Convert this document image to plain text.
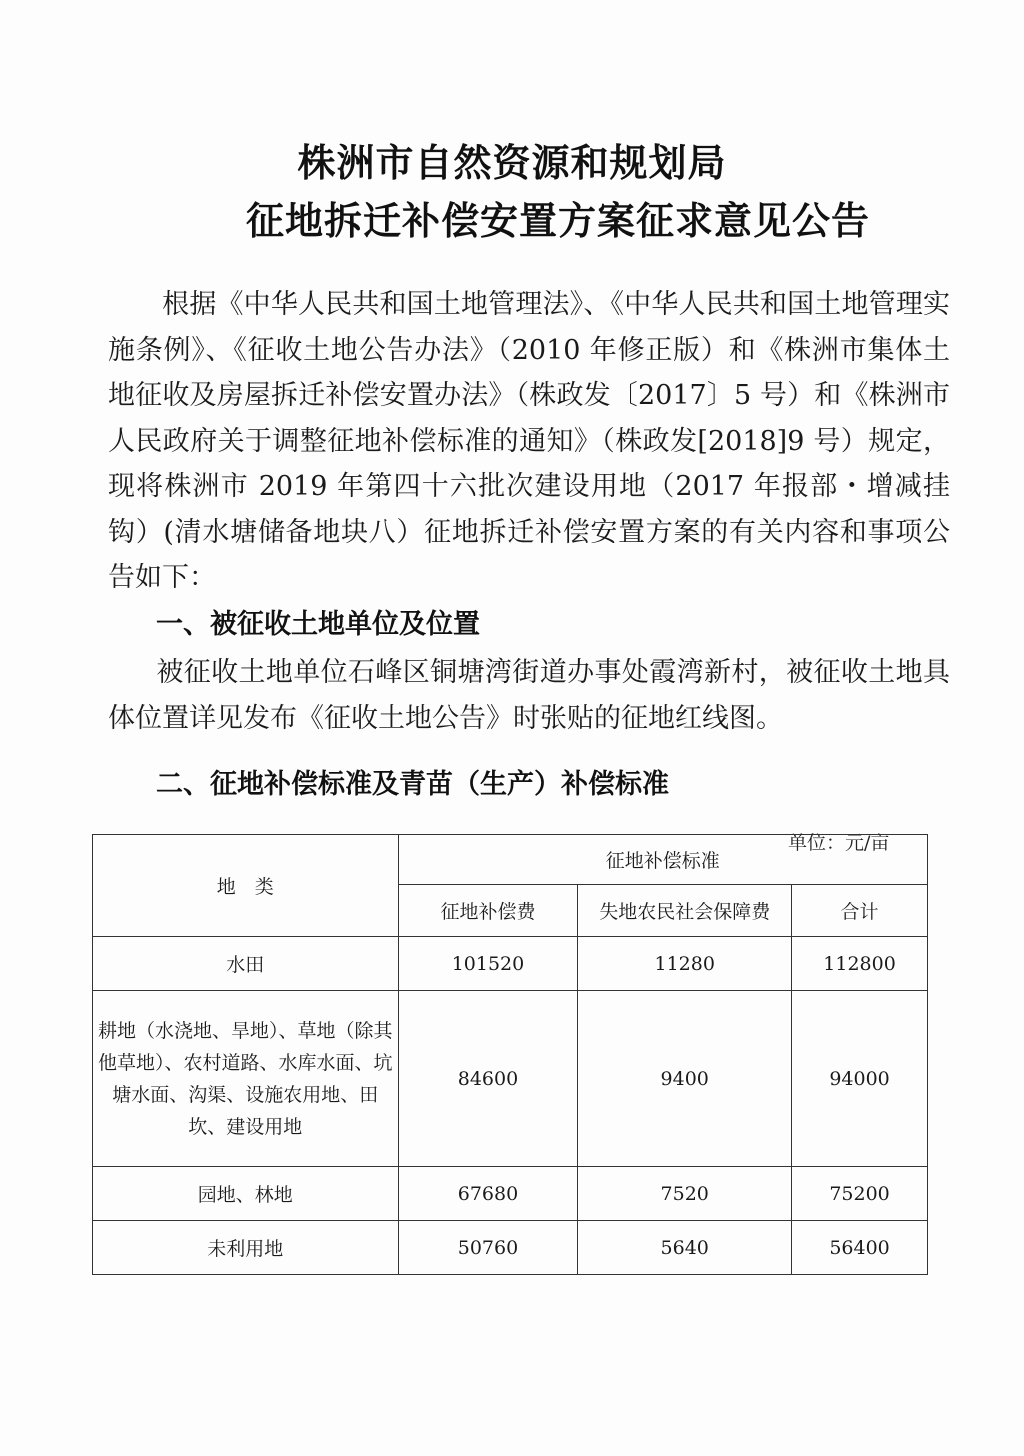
株洲市自然资源和规划局
征地拆迁补偿安置方案征求意见公告
根据《中华人民共和国土地管理法》、《中华人民共和国土地管理实施条例》、《征收土地公告办法》（2010 年修正版）和《株洲市集体土地征收及房屋拆迁补偿安置办法》（株政发〔2017〕5 号）和《株洲市人民政府关于调整征地补偿标准的通知》（株政发[2018]9 号）规定，现将株洲市 2019 年第四十六批次建设用地（2017 年报部・增减挂钩）(清水塘储备地块八）征地拆迁补偿安置方案的有关内容和事项公告如下：
一、被征收土地单位及位置
被征收土地单位石峰区铜塘湾街道办事处霞湾新村，被征收土地具体位置详见发布《征收土地公告》时张贴的征地红线图。
二、征地补偿标准及青苗（生产）补偿标准
单位：元/亩
地　类	征地补偿标准		
	征地补偿费	失地农民社会保障费	合计
水田	101520	11280	112800
耕地（水浇地、旱地）、草地（除其他草地）、农村道路、水库水面、坑塘水面、沟渠、设施农用地、田坎、建设用地	84600	9400	94000
园地、林地	67680	7520	75200
未利用地	50760	5640	56400
